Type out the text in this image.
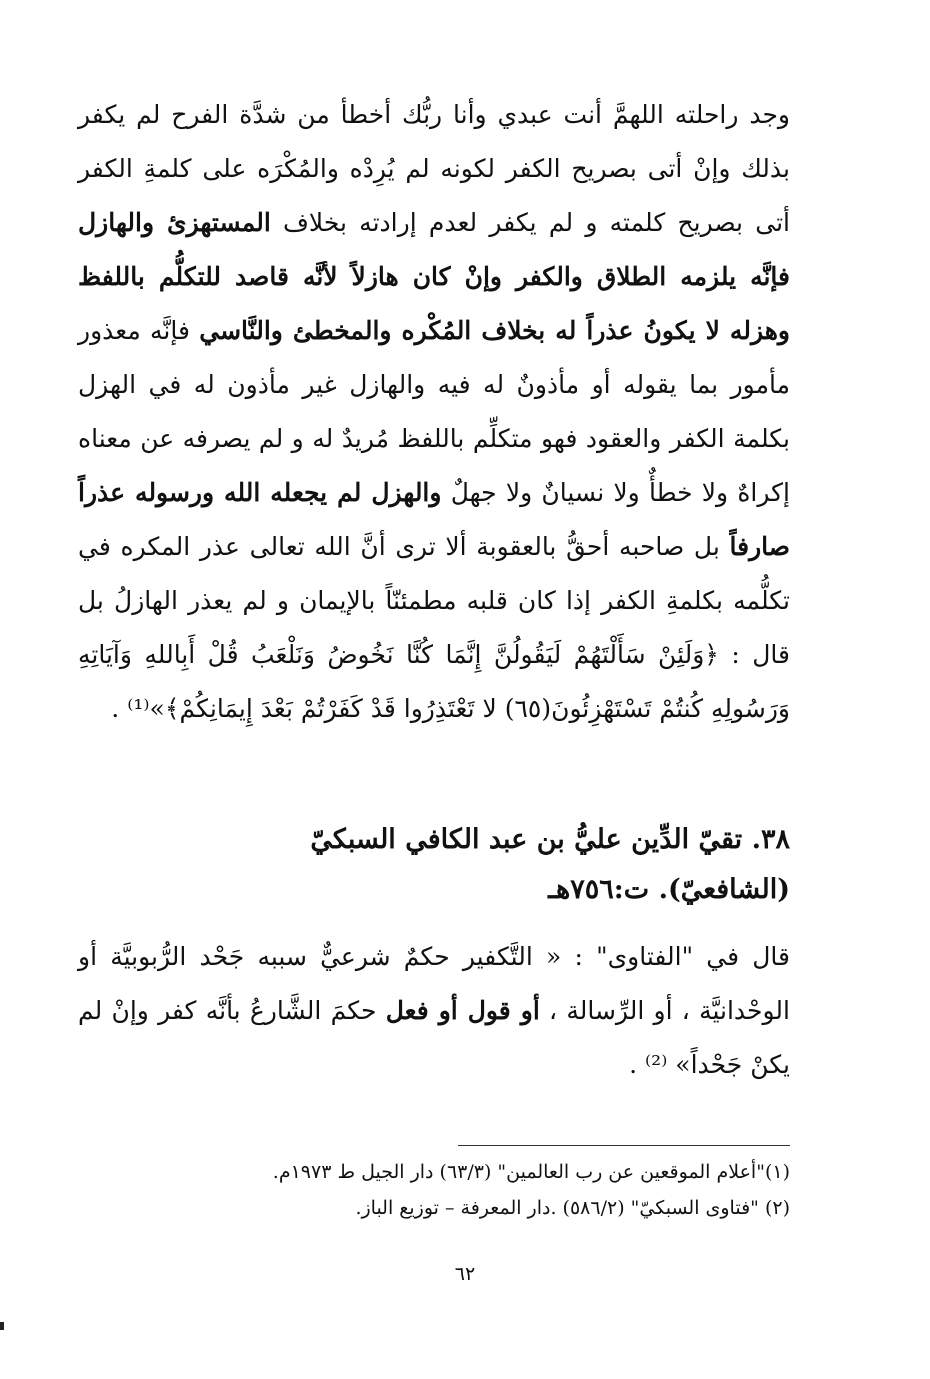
وجد راحلته اللهمَّ أنت عبدي وأنا ربُّك أخطأ من شدَّة الفرح لم يكفر بذلك وإنْ أتى بصريح الكفر لكونه لم يُرِدْه والمُكْرَه على كلمةِ الكفر أتى بصريح كلمته و لم يكفر لعدم إرادته بخلاف المستهزئ والهازل فإنَّه يلزمه الطلاق والكفر وإنْ كان هازلاً لأنَّه قاصد للتكلُّم باللفظ وهزله لا يكونُ عذراً له بخلاف المُكْره والمخطئ والنَّاسي فإنَّه معذور مأمور بما يقوله أو مأذونٌ له فيه والهازل غير مأذون له في الهزل بكلمة الكفر والعقود فهو متكلِّم باللفظ مُريدٌ له و لم يصرفه عن معناه إكراهٌ ولا خطأٌ ولا نسيانٌ ولا جهلٌ والهزل لم يجعله الله ورسوله عذراً صارفاً بل صاحبه أحقُّ بالعقوبة ألا ترى أنَّ الله تعالى عذر المكره في تكلُّمه بكلمةِ الكفر إذا كان قلبه مطمئنّاً بالإيمان و لم يعذر الهازلُ بل قال : ﴿وَلَئِنْ سَأَلْتَهُمْ لَيَقُولُنَّ إِنَّمَا كُنَّا نَخُوضُ وَنَلْعَبُ قُلْ أَبِاللهِ وَآيَاتِهِ وَرَسُولِهِ كُنتُمْ تَسْتَهْزِئُونَ(٦٥) لا تَعْتَذِرُوا قَدْ كَفَرْتُمْ بَعْدَ إِيمَانِكُمْ﴾»⁽¹⁾ .

٣٨. تقيّ الدِّين عليُّ بن عبد الكافي السبكيّ
(الشافعيّ). ت:٧٥٦هـ

قال في "الفتاوى" : « التَّكفير حكمٌ شرعيٌّ سببه جَحْد الرُّبوبيَّة أو الوحْدانيَّة ، أو الرِّسالة ، أو قول أو فعل حكمَ الشَّارعُ بأنَّه كفر وإنْ لم يكنْ جَحْداً» ⁽²⁾ .

(١)"أعلام الموقعين عن رب العالمين" (٦٣/٣) دار الجيل ط ١٩٧٣م.
(٢) "فتاوى السبكيّ" (٥٨٦/٢) .دار المعرفة – توزيع الباز.
٦٢
